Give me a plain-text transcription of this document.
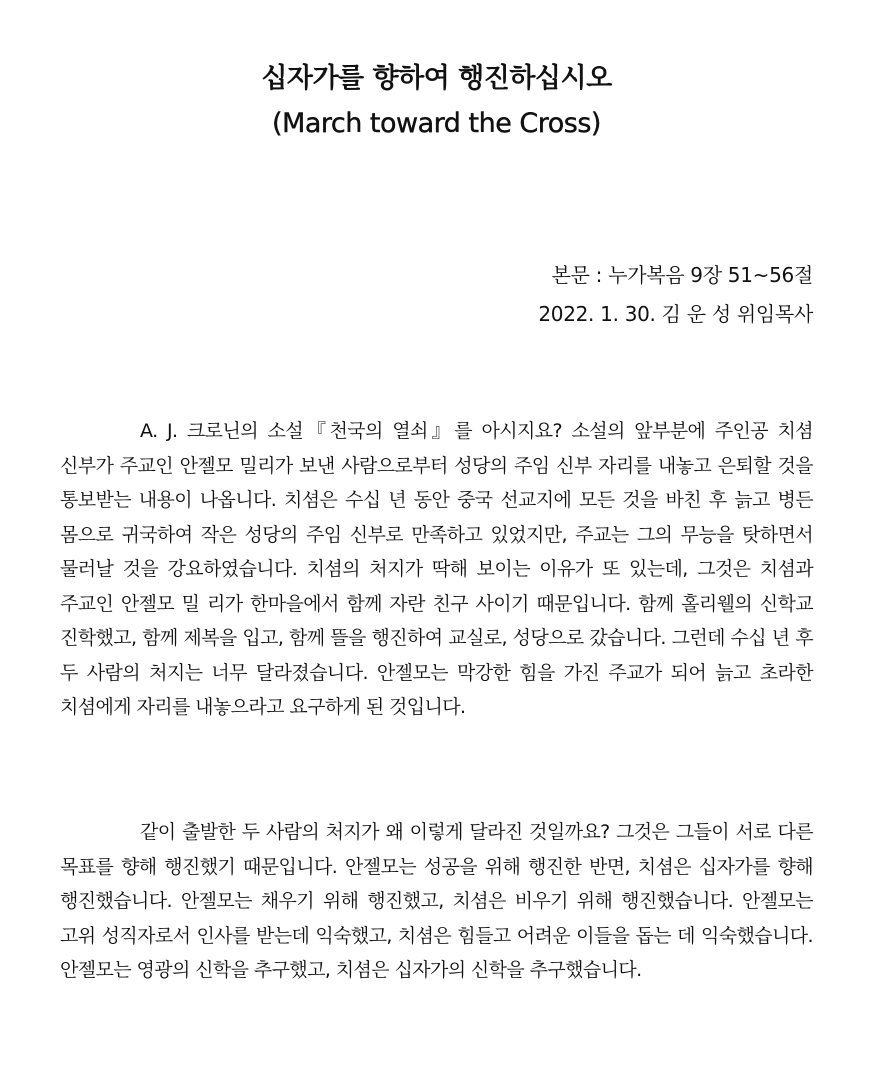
십자가를 향하여 행진하십시오
(March toward the Cross)

본문 : 누가복음 9장 51~56절

2022. 1. 30. 김 운 성 위임목사

A. J. 크로닌의 소설『천국의 열쇠』를 아시지요? 소설의 앞부분에 주인공 치셤 신부가 주교인 안젤모 밀리가 보낸 사람으로부터 성당의 주임 신부 자리를 내놓고 은퇴할 것을 통보받는 내용이 나옵니다. 치셤은 수십 년 동안 중국 선교지에 모든 것을 바친 후 늙고 병든 몸으로 귀국하여 작은 성당의 주임 신부로 만족하고 있었지만, 주교는 그의 무능을 탓하면서 물러날 것을 강요하였습니다. 치셤의 처지가 딱해 보이는 이유가 또 있는데, 그것은 치셤과 주교인 안젤모 밀 리가 한마을에서 함께 자란 친구 사이기 때문입니다. 함께 홀리웰의 신학교 진학했고, 함께 제복을 입고, 함께 뜰을 행진하여 교실로, 성당으로 갔습니다. 그런데 수십 년 후 두 사람의 처지는 너무 달라졌습니다. 안젤모는 막강한 힘을 가진 주교가 되어 늙고 초라한 치셤에게 자리를 내놓으라고 요구하게 된 것입니다.

같이 출발한 두 사람의 처지가 왜 이렇게 달라진 것일까요? 그것은 그들이 서로 다른 목표를 향해 행진했기 때문입니다. 안젤모는 성공을 위해 행진한 반면, 치셤은 십자가를 향해 행진했습니다. 안젤모는 채우기 위해 행진했고, 치셤은 비우기 위해 행진했습니다. 안젤모는 고위 성직자로서 인사를 받는데 익숙했고, 치셤은 힘들고 어려운 이들을 돕는 데 익숙했습니다. 안젤모는 영광의 신학을 추구했고, 치셤은 십자가의 신학을 추구했습니다.
